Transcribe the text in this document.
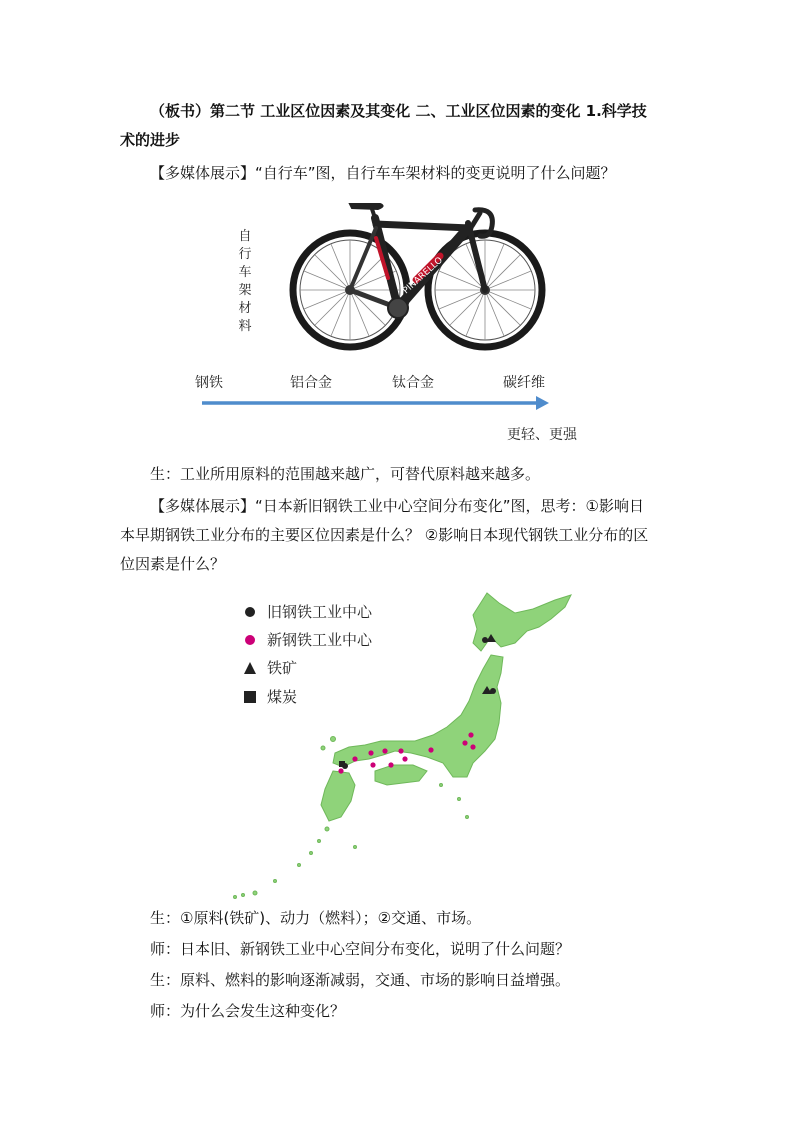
（板书）第二节 工业区位因素及其变化 二、工业区位因素的变化 1.科学技
术的进步

【多媒体展示】“自行车”图，自行车车架材料的变更说明了什么问题？

自
行
车
架
材
料
PINARELLO
钢铁	铝合金	钛合金	碳纤维
更轻、更强

生：工业所用原料的范围越来越广，可替代原料越来越多。

【多媒体展示】“日本新旧钢铁工业中心空间分布变化”图，思考：①影响日
本早期钢铁工业分布的主要区位因素是什么？ ②影响日本现代钢铁工业分布的区
位因素是什么？

旧钢铁工业中心
新钢铁工业中心
铁矿
煤炭

生：①原料(铁矿)、动力（燃料）；②交通、市场。

师：日本旧、新钢铁工业中心空间分布变化，说明了什么问题？

生：原料、燃料的影响逐渐减弱，交通、市场的影响日益增强。

师：为什么会发生这种变化？
